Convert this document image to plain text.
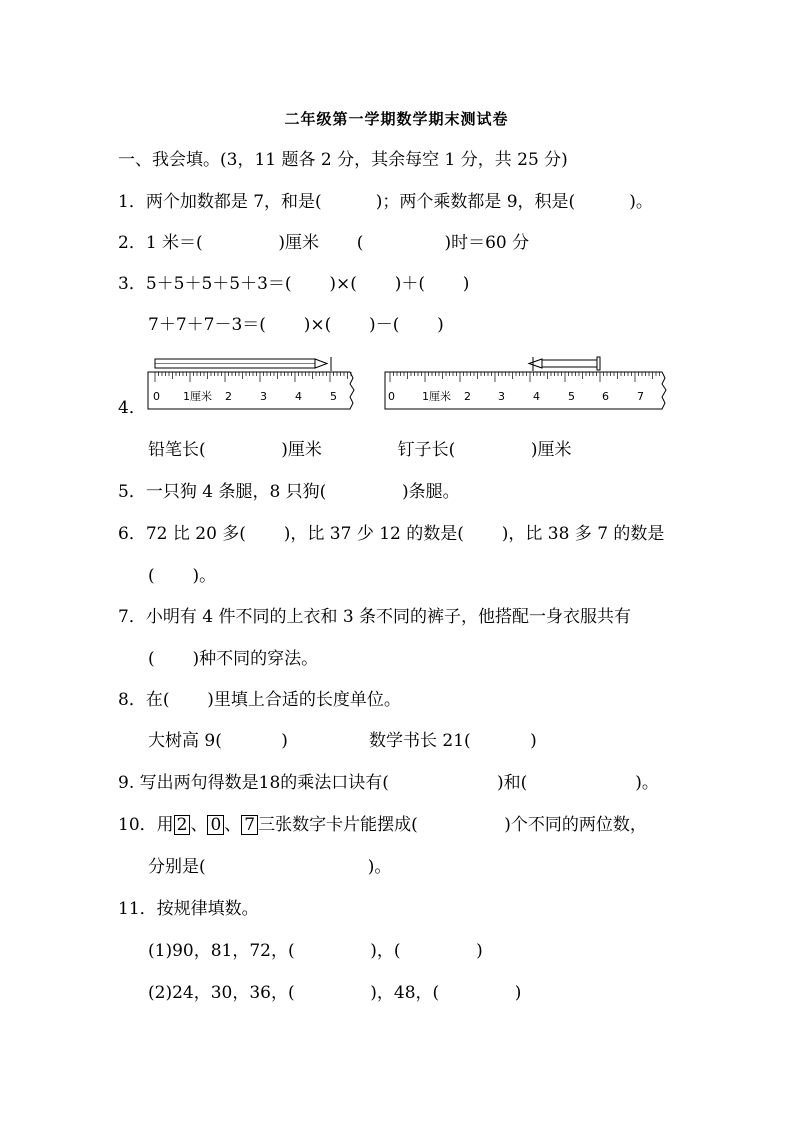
二年级第一学期数学期末测试卷
一、我会填。(3，11 题各 2 分，其余每空 1 分，共 25 分)
1．两个加数都是 7，和是(          )；两个乘数都是 9，积是(          )。
2．1 米＝(              )厘米       (               )时＝60 分
3．5＋5＋5＋5＋3＝(       )×(       )＋(       )
7＋7＋7－3＝(       )×(       )－(       )
4．
0 1厘米 2	3	4	5	0 1厘米 2 3	4	5 6	7
铅笔长(              )厘米              钉子长(              )厘米
5．一只狗 4 条腿，8 只狗(              )条腿。
6．72 比 20 多(       )，比 37 少 12 的数是(       )，比 38 多 7 的数是
(       )。
7．小明有 4 件不同的上衣和 3 条不同的裤子，他搭配一身衣服共有
(       )种不同的穿法。
8．在(       )里填上合适的长度单位。
大树高 9(           )               数学书长 21(           )
9. 写出两句得数是18的乘法口诀有(                    )和(                    )。
10．用 2 、 0 、 7 三张数字卡片能摆成(                )个不同的两位数，
分别是(                              )。
11．按规律填数。
(1)90，81，72，(              )，(              )
(2)24，30，36，(              )，48，(              )
